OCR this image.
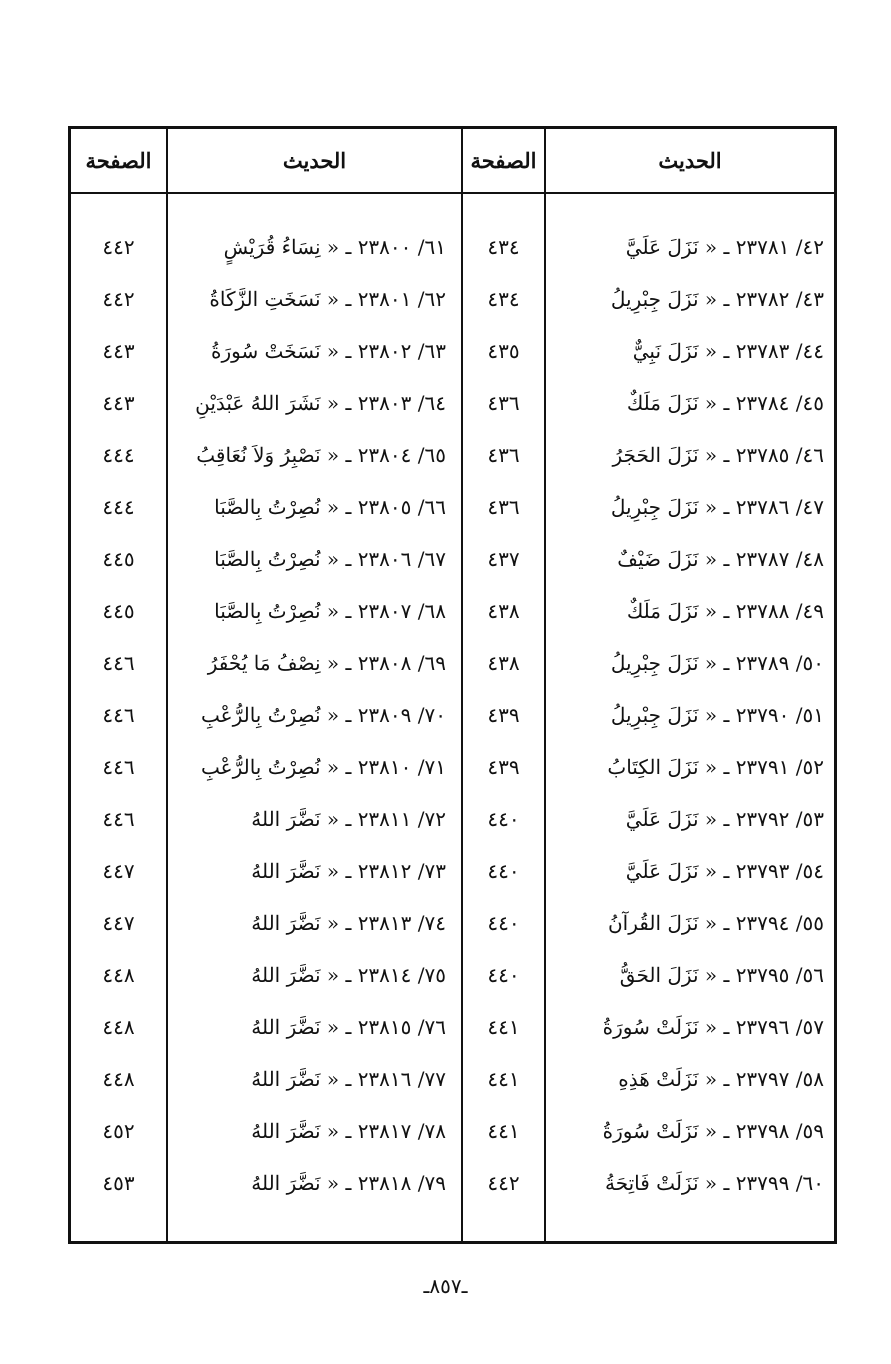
الصفحة	الحديث	الصفحة	الحديث
٤٤٢	٦١/ ٢٣٨٠٠ ـ « نِسَاءُ قُرَيْشٍ	٤٣٤	٤٢/ ٢٣٧٨١ ـ « نَزَلَ عَلَيَّ
٤٤٢	٦٢/ ٢٣٨٠١ ـ « نَسَخَتِ الزَّكَاةُ	٤٣٤	٤٣/ ٢٣٧٨٢ ـ « نَزَلَ جِبْرِيلُ
٤٤٣	٦٣/ ٢٣٨٠٢ ـ « نَسَخَتْ سُورَةُ	٤٣٥	٤٤/ ٢٣٧٨٣ ـ « نَزَلَ نَبِيٌّ
٤٤٣	٦٤/ ٢٣٨٠٣ ـ « نَشَرَ اللهُ عَبْدَيْنِ	٤٣٦	٤٥/ ٢٣٧٨٤ ـ « نَزَلَ مَلَكٌ
٤٤٤	٦٥/ ٢٣٨٠٤ ـ « نَصْبِرُ وَلاَ نُعَاقِبُ	٤٣٦	٤٦/ ٢٣٧٨٥ ـ « نَزَلَ الحَجَرُ
٤٤٤	٦٦/ ٢٣٨٠٥ ـ « نُصِرْتُ بِالصَّبَا	٤٣٦	٤٧/ ٢٣٧٨٦ ـ « نَزَلَ جِبْرِيلُ
٤٤٥	٦٧/ ٢٣٨٠٦ ـ « نُصِرْتُ بِالصَّبَا	٤٣٧	٤٨/ ٢٣٧٨٧ ـ « نَزَلَ ضَيْفٌ
٤٤٥	٦٨/ ٢٣٨٠٧ ـ « نُصِرْتُ بِالصَّبَا	٤٣٨	٤٩/ ٢٣٧٨٨ ـ « نَزَلَ مَلَكٌ
٤٤٦	٦٩/ ٢٣٨٠٨ ـ « نِصْفُ مَا يُحْفَرُ	٤٣٨	٥٠/ ٢٣٧٨٩ ـ « نَزَلَ جِبْرِيلُ
٤٤٦	٧٠/ ٢٣٨٠٩ ـ « نُصِرْتُ بِالرُّعْبِ	٤٣٩	٥١/ ٢٣٧٩٠ ـ « نَزَلَ جِبْرِيلُ
٤٤٦	٧١/ ٢٣٨١٠ ـ « نُصِرْتُ بِالرُّعْبِ	٤٣٩	٥٢/ ٢٣٧٩١ ـ « نَزَلَ الكِتَابُ
٤٤٦	٧٢/ ٢٣٨١١ ـ « نَضَّرَ اللهُ	٤٤٠	٥٣/ ٢٣٧٩٢ ـ « نَزَلَ عَلَيَّ
٤٤٧	٧٣/ ٢٣٨١٢ ـ « نَضَّرَ اللهُ	٤٤٠	٥٤/ ٢٣٧٩٣ ـ « نَزَلَ عَلَيَّ
٤٤٧	٧٤/ ٢٣٨١٣ ـ « نَضَّرَ اللهُ	٤٤٠	٥٥/ ٢٣٧٩٤ ـ « نَزَلَ القُرآنُ
٤٤٨	٧٥/ ٢٣٨١٤ ـ « نَضَّرَ اللهُ	٤٤٠	٥٦/ ٢٣٧٩٥ ـ « نَزَلَ الحَقُّ
٤٤٨	٧٦/ ٢٣٨١٥ ـ « نَضَّرَ اللهُ	٤٤١	٥٧/ ٢٣٧٩٦ ـ « نَزَلَتْ سُورَةُ
٤٤٨	٧٧/ ٢٣٨١٦ ـ « نَضَّرَ اللهُ	٤٤١	٥٨/ ٢٣٧٩٧ ـ « نَزَلَتْ هَذِهِ
٤٥٢	٧٨/ ٢٣٨١٧ ـ « نَضَّرَ اللهُ	٤٤١	٥٩/ ٢٣٧٩٨ ـ « نَزَلَتْ سُورَةُ
٤٥٣	٧٩/ ٢٣٨١٨ ـ « نَضَّرَ اللهُ	٤٤٢	٦٠/ ٢٣٧٩٩ ـ « نَزَلَتْ فَاتِحَةُ
ـ٨٥٧ـ
